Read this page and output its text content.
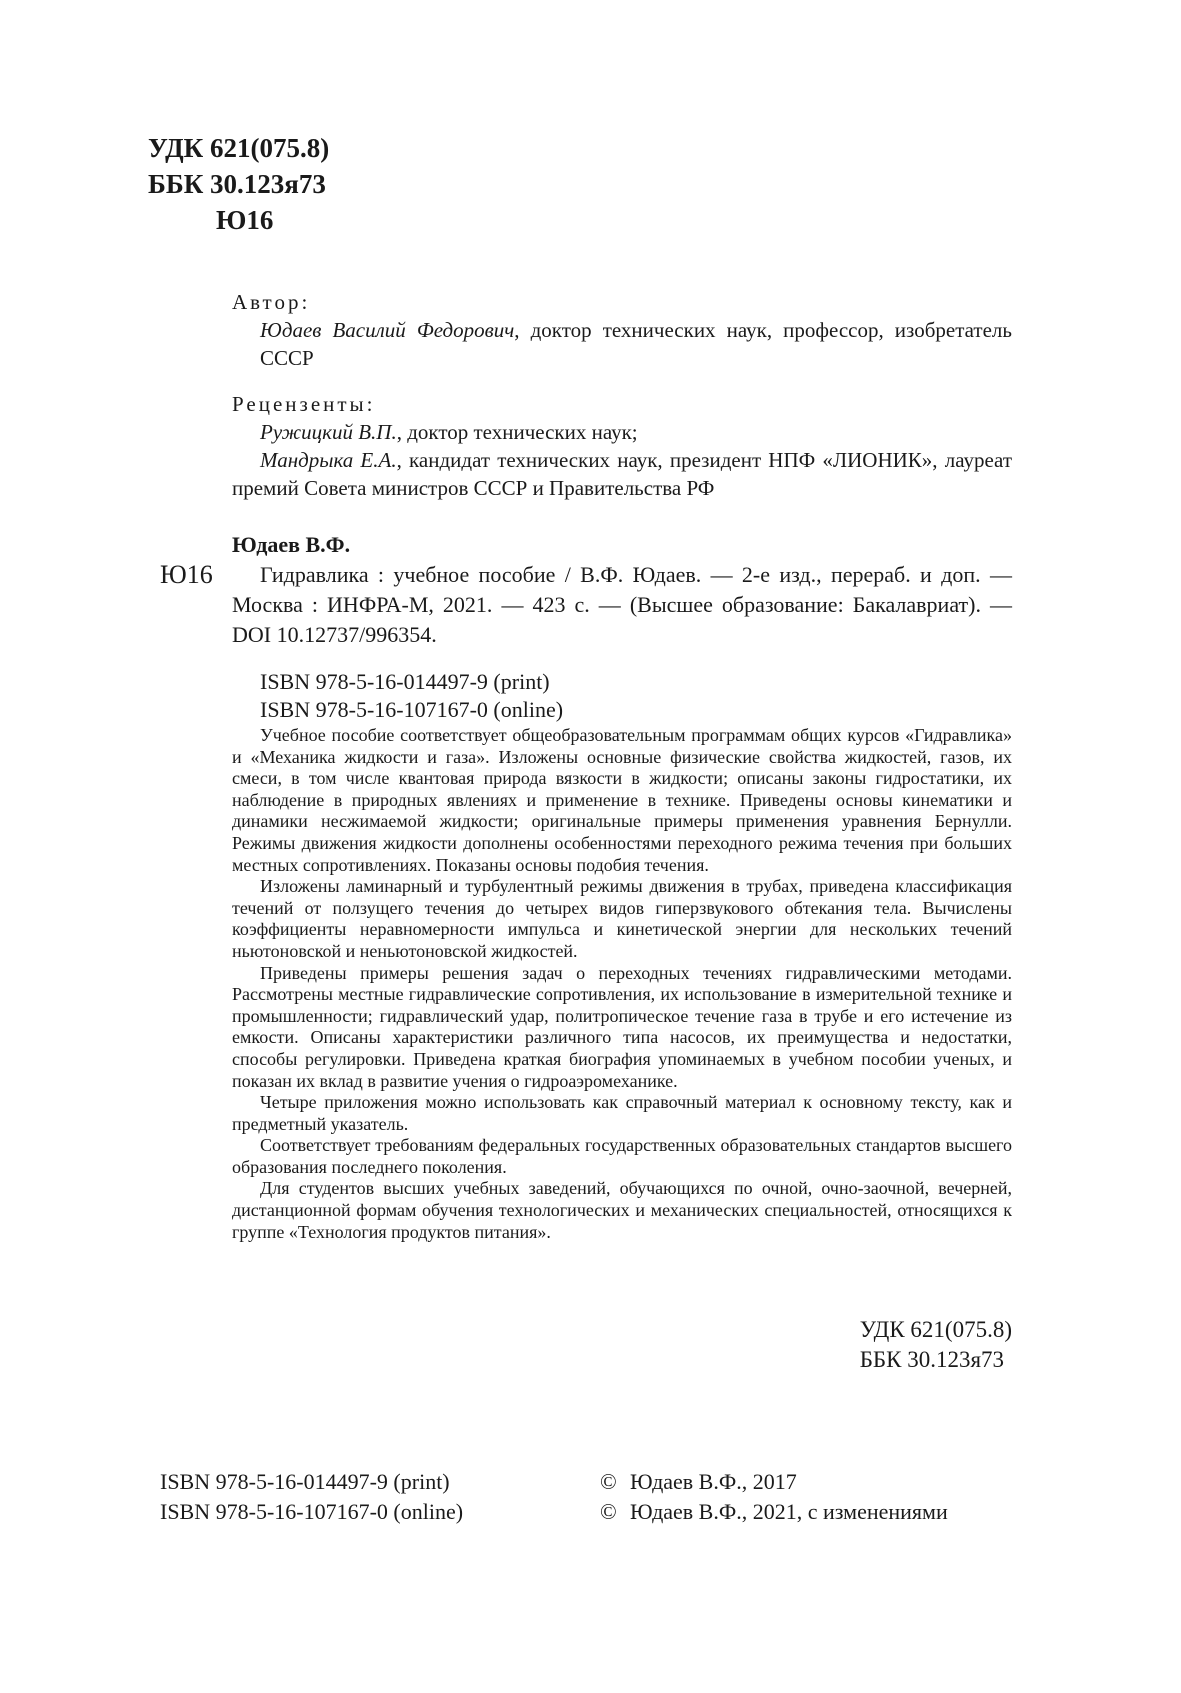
УДК 621(075.8)
ББК 30.123я73
Ю16
Автор:
Юдаев Василий Федорович, доктор технических наук, профессор, изобретатель СССР
Рецензенты:
Ружицкий В.П., доктор технических наук;
Мандрыка Е.А., кандидат технических наук, президент НПФ «ЛИОНИК», лауреат премий Совета министров СССР и Правительства РФ
Юдаев В.Ф.
Ю16	Гидравлика : учебное пособие / В.Ф. Юдаев. — 2-е изд., перераб. и доп. — Москва : ИНФРА-М, 2021. — 423 с. — (Высшее образование: Бакалавриат). — DOI 10.12737/996354.
ISBN 978-5-16-014497-9 (print)
ISBN 978-5-16-107167-0 (online)

Учебное пособие соответствует общеобразовательным программам общих курсов «Гидравлика» и «Механика жидкости и газа». Изложены основные физические свойства жидкостей, газов, их смеси, в том числе квантовая природа вязкости в жидкости; описаны законы гидростатики, их наблюдение в природных явлениях и применение в технике. Приведены основы кинематики и динамики несжимаемой жидкости; оригинальные примеры применения уравнения Бернулли. Режимы движения жидкости дополнены особенностями переходного режима течения при больших местных сопротивлениях. Показаны основы подобия течения.

Изложены ламинарный и турбулентный режимы движения в трубах, приведена классификация течений от ползущего течения до четырех видов гиперзвукового обтекания тела. Вычислены коэффициенты неравномерности импульса и кинетической энергии для нескольких течений ньютоновской и неньютоновской жидкостей.

Приведены примеры решения задач о переходных течениях гидравлическими методами. Рассмотрены местные гидравлические сопротивления, их использование в измерительной технике и промышленности; гидравлический удар, политропическое течение газа в трубе и его истечение из емкости. Описаны характеристики различного типа насосов, их преимущества и недостатки, способы регулировки. Приведена краткая биография упоминаемых в учебном пособии ученых, и показан их вклад в развитие учения о гидроаэромеханике.

Четыре приложения можно использовать как справочный материал к основному тексту, как и предметный указатель.

Соответствует требованиям федеральных государственных образовательных стандартов высшего образования последнего поколения.

Для студентов высших учебных заведений, обучающихся по очной, очно-заочной, вечерней, дистанционной формам обучения технологических и механических специальностей, относящихся к группе «Технология продуктов питания».

УДК 621(075.8)
ББК 30.123я73
ISBN 978-5-16-014497-9 (print)
ISBN 978-5-16-107167-0 (online)
© Юдаев В.Ф., 2017
© Юдаев В.Ф., 2021, с изменениями
